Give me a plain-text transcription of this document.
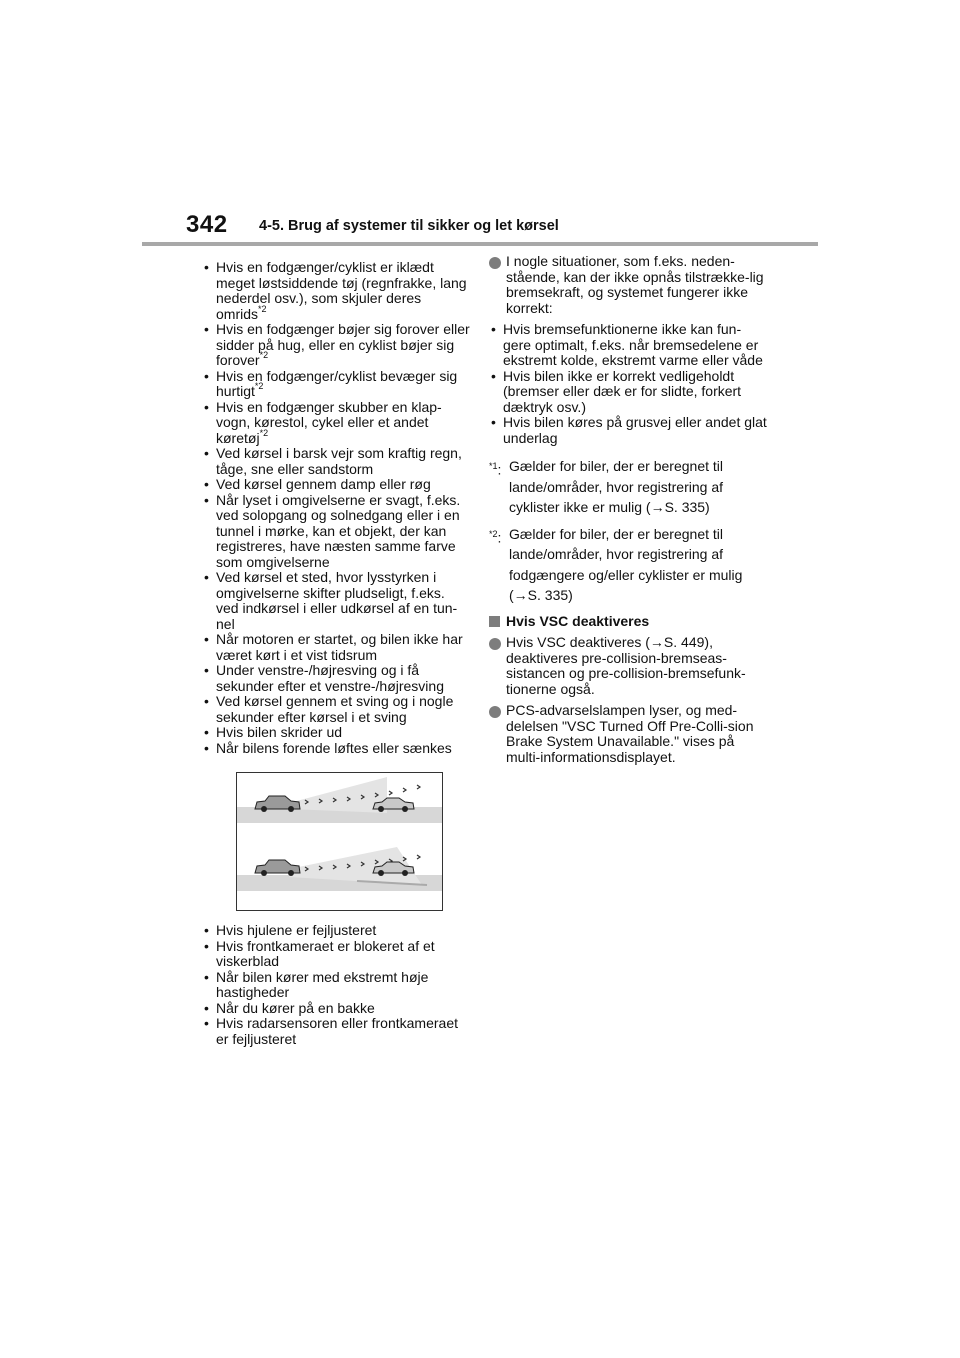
342 4-5. Brug af systemer til sikker og let kørsel

• Hvis en fodgænger/cyklist er iklædt meget løstsiddende tøj (regnfrakke, lang nederdel osv.), som skjuler deres omrids$^{*2}$

• Hvis en fodgænger bøjer sig forover eller sidder på hug, eller en cyklist bøjer sig forover$^{*2}$

• Hvis en fodgænger/cyklist bevæger sig hurtigt$^{*2}$

• Hvis en fodgænger skubber en klap-vogn, kørestol, cykel eller et andet køretøj$^{*2}$

• Ved kørsel i barsk vejr som kraftig regn, tåge, sne eller sandstorm

• Ved kørsel gennem damp eller røg

• Når lyset i omgivelserne er svagt, f.eks. ved solopgang og solnedgang eller i en tunnel i mørke, kan et objekt, der kan registreres, have næsten samme farve som omgivelserne

• Ved kørsel et sted, hvor lysstyrken i omgivelserne skifter pludseligt, f.eks. ved indkørsel i eller udkørsel af en tun-nel

• Når motoren er startet, og bilen ikke har været kørt i et vist tidsrum

• Under venstre-/højresving og i få sekunder efter et venstre-/højresving

• Ved kørsel gennem et sving og i nogle sekunder efter kørsel i et sving

• Hvis bilen skrider ud

• Når bilens forende løftes eller sænkes

• Hvis hjulene er fejljusteret

• Hvis frontkameraet er blokeret af et viskerblad

• Når bilen kører med ekstremt høje hastigheder

• Når du kører på en bakke

• Hvis radarsensoren eller frontkameraet er fejljusteret

I nogle situationer, som f.eks. neden-stående, kan der ikke opnås tilstrække-lig bremsekraft, og systemet fungerer ikke korrekt:

• Hvis bremsefunktionerne ikke kan fun-gere optimalt, f.eks. når bremsedelene er ekstremt kolde, ekstremt varme eller våde

• Hvis bilen ikke er korrekt vedligeholdt (bremser eller dæk er for slidte, forkert dæktryk osv.)

• Hvis bilen køres på grusvej eller andet glat underlag

$^{*1}$: Gælder for biler, der er beregnet til lande/områder, hvor registrering af cyklister ikke er mulig (→S. 335)
$^{*2}$: Gælder for biler, der er beregnet til lande/områder, hvor registrering af fodgængere og/eller cyklister er mulig (→S. 335)
Hvis VSC deaktiveres
Hvis VSC deaktiveres (→S. 449), deaktiveres pre-collision-bremseas-sistancen og pre-collision-bremsefunk-tionerne også.
PCS-advarselslampen lyser, og med-delelsen "VSC Turned Off Pre-Colli-sion Brake System Unavailable." vises på multi-informationsdisplayet.
